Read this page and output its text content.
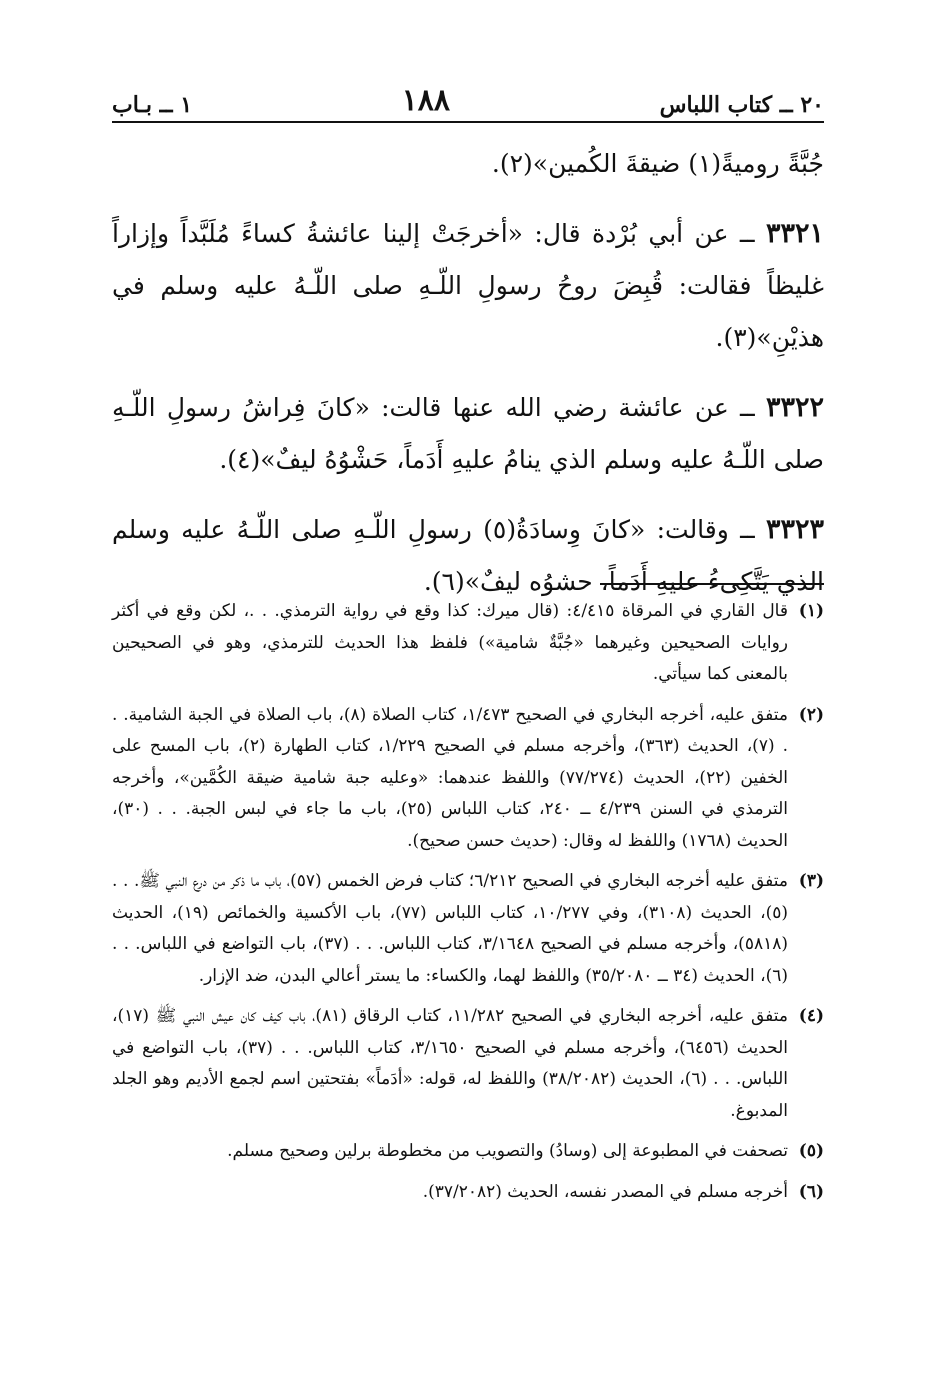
٢٠ ــ كتاب اللباس
١٨٨
١ ــ بـاب

جُبَّةً روميةً(١) ضيقةَ الكُمين»(٢).

٣٣٢١ ــ عن أبي بُرْدة قال: «أخرجَتْ إلينا عائشةُ كساءً مُلَبَّداً وإزاراً غليظاً فقالت: قُبِضَ روحُ رسولِ اللّـهِ صلى اللّـهُ عليه وسلم في هذيْنِ»(٣).

٣٣٢٢ ــ عن عائشة رضي الله عنها قالت: «كانَ فِراشُ رسولِ اللّـهِ صلى اللّـهُ عليه وسلم الذي ينامُ عليهِ أَدَماً، حَشْوُهُ ليفٌ»(٤).

٣٣٢٣ ــ وقالت: «كانَ وِسادَةُ(٥) رسولِ اللّـهِ صلى اللّـهُ عليه وسلم الذي يَتَّكِىءُ عليهِ أَدَماً، حشوُه ليفٌ»(٦).

(١)
قال القاري في المرقاة ٤/٤١٥: (قال ميرك: كذا وقع في رواية الترمذي. . .، لكن وقع في أكثر روايات الصحيحين وغيرهما «جُبَّةٌ شامية») فلفظ هذا الحديث للترمذي، وهو في الصحيحين بالمعنى كما سيأتي.
(٢)
متفق عليه، أخرجه البخاري في الصحيح ١/٤٧٣، كتاب الصلاة (٨)، باب الصلاة في الجبة الشامية. . . (٧)، الحديث (٣٦٣)، وأخرجه مسلم في الصحيح ١/٢٢٩، كتاب الطهارة (٢)، باب المسح على الخفين (٢٢)، الحديث (٧٧/٢٧٤) واللفظ عندهما: «وعليه جبة شامية ضيقة الكُمَّين»، وأخرجه الترمذي في السنن ٤/٢٣٩ ــ ٢٤٠، كتاب اللباس (٢٥)، باب ما جاء في لبس الجبة. . . (٣٠)، الحديث (١٧٦٨) واللفظ له وقال: (حديث حسن صحيح).
(٣)
متفق عليه أخرجه البخاري في الصحيح ٦/٢١٢؛ كتاب فرض الخمس (٥٧)، باب ما ذكر من درع النبي ﷺ. . . (٥)، الحديث (٣١٠٨)، وفي ١٠/٢٧٧، كتاب اللباس (٧٧)، باب الأكسية والخمائص (١٩)، الحديث (٥٨١٨)، وأخرجه مسلم في الصحيح ٣/١٦٤٨، كتاب اللباس. . . (٣٧)، باب التواضع في اللباس. . . (٦)، الحديث (٣٤ ــ ٣٥/٢٠٨٠) واللفظ لهما، والكساء: ما يستر أعالي البدن، ضد الإزار.
(٤)
متفق عليه، أخرجه البخاري في الصحيح ١١/٢٨٢، كتاب الرقاق (٨١)، باب كيف كان عيش النبي ﷺ (١٧)، الحديث (٦٤٥٦)، وأخرجه مسلم في الصحيح ٣/١٦٥٠، كتاب اللباس. . . (٣٧)، باب التواضع في اللباس. . . (٦)، الحديث (٣٨/٢٠٨٢) واللفظ له، قوله: «أدَماً» بفتحتين اسم لجمع الأديم وهو الجلد المدبوغ.
(٥)
تصحفت في المطبوعة إلى (وسادُ) والتصويب من مخطوطة برلين وصحيح مسلم.
(٦)
أخرجه مسلم في المصدر نفسه، الحديث (٣٧/٢٠٨٢).
